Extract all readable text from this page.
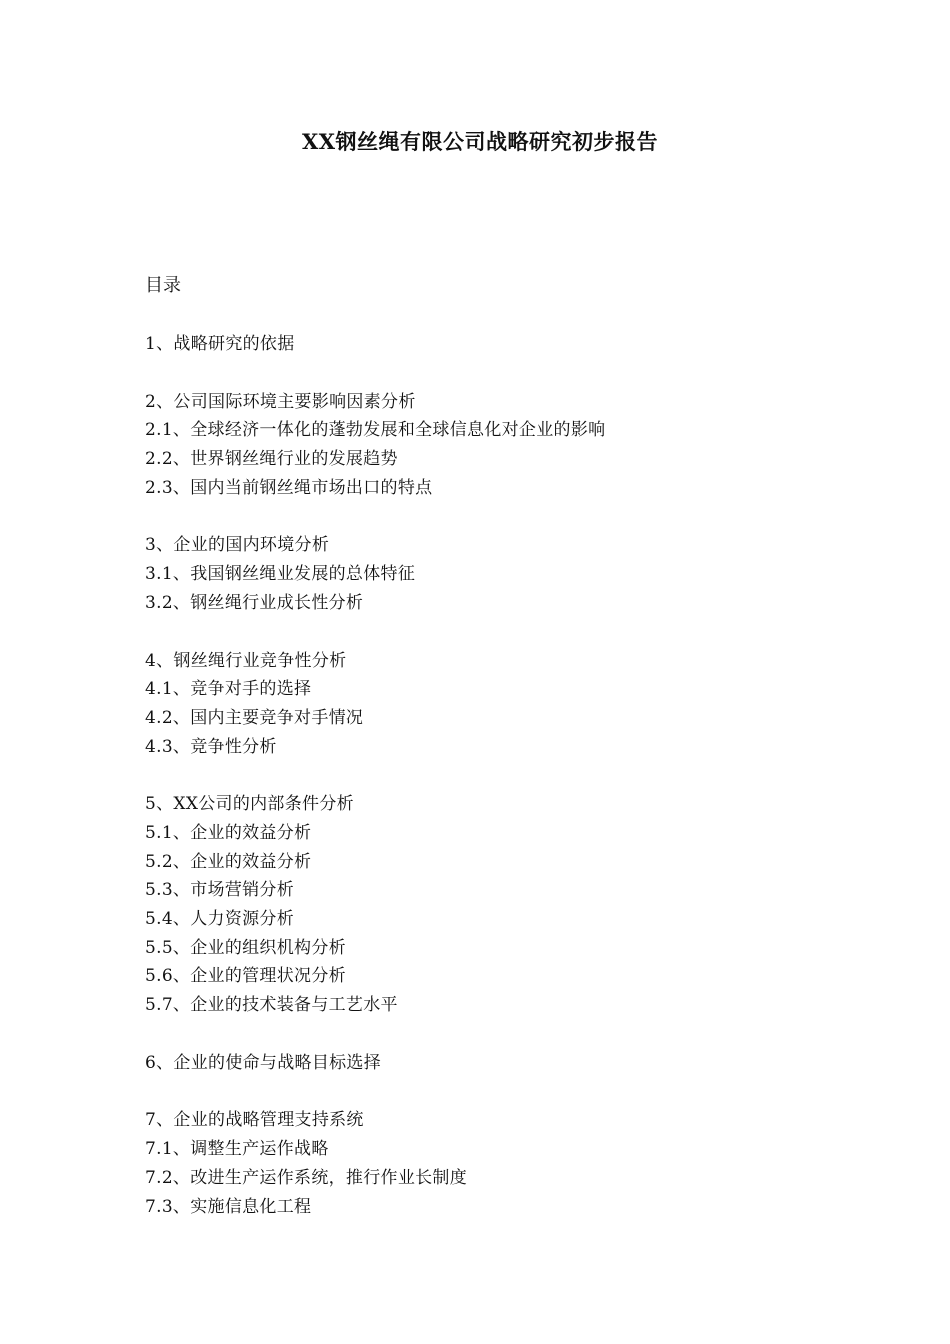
XX钢丝绳有限公司战略研究初步报告
目录
1、战略研究的依据
2、公司国际环境主要影响因素分析
2.1、全球经济一体化的蓬勃发展和全球信息化对企业的影响
2.2、世界钢丝绳行业的发展趋势
2.3、国内当前钢丝绳市场出口的特点
3、企业的国内环境分析
3.1、我国钢丝绳业发展的总体特征
3.2、钢丝绳行业成长性分析
4、钢丝绳行业竞争性分析
4.1、竞争对手的选择
4.2、国内主要竞争对手情况
4.3、竞争性分析
5、XX公司的内部条件分析
5.1、企业的效益分析
5.2、企业的效益分析
5.3、市场营销分析
5.4、人力资源分析
5.5、企业的组织机构分析
5.6、企业的管理状况分析
5.7、企业的技术装备与工艺水平
6、企业的使命与战略目标选择
7、企业的战略管理支持系统
7.1、调整生产运作战略
7.2、改进生产运作系统，推行作业长制度
7.3、实施信息化工程
